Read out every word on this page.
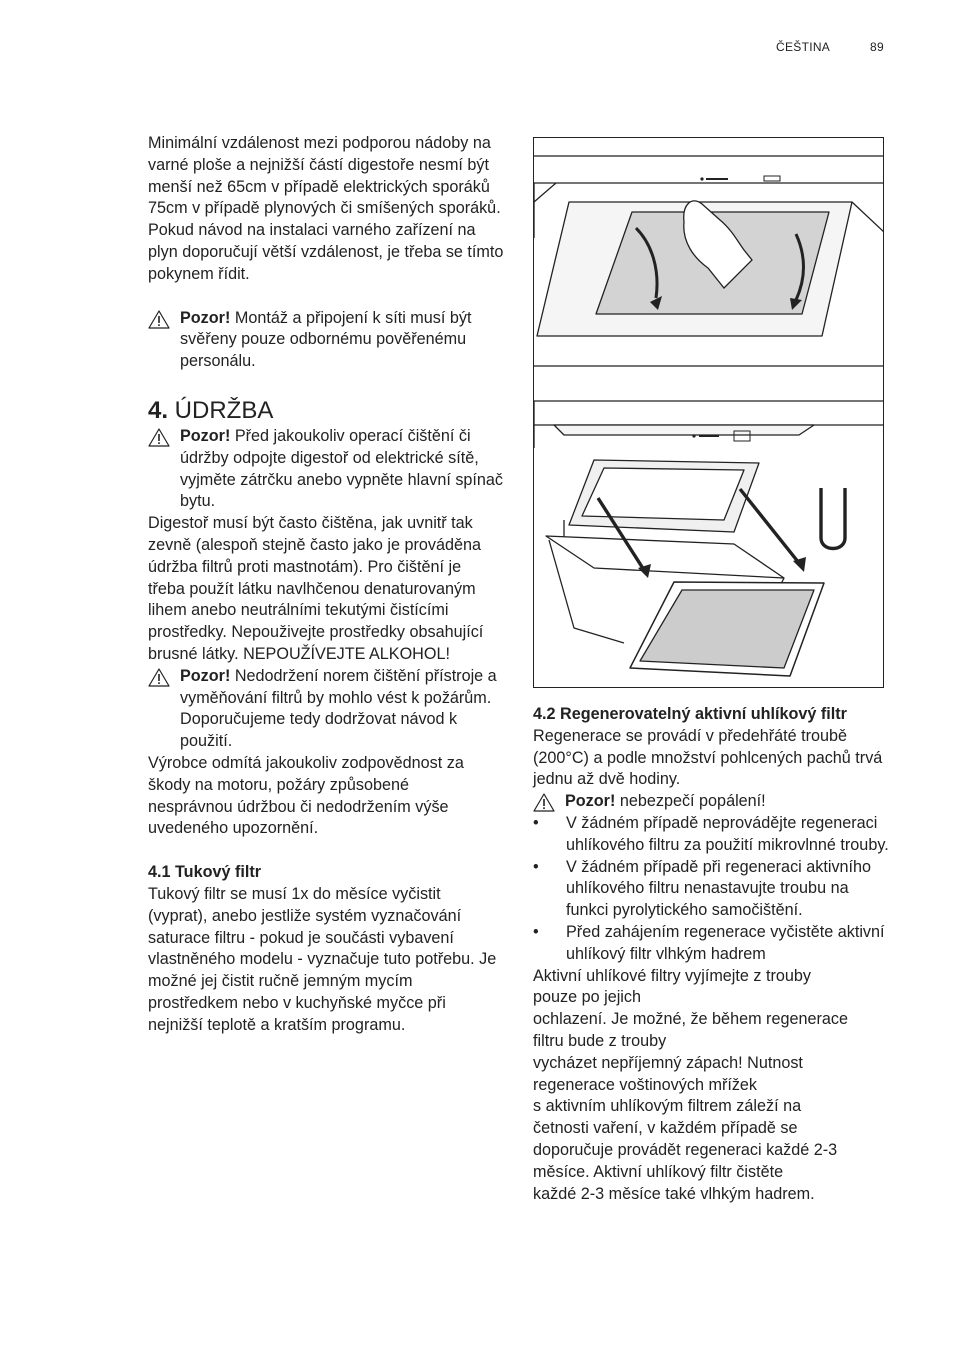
ČEŠTINA	89

Minimální vzdálenost mezi podporou nádoby na varné ploše a nejnižší částí digestoře nesmí být menší než 65cm v případě elektrických sporáků 75cm v případě plynových či smíšených sporáků. Pokud návod na instalaci varného zařízení na plyn doporučují větší vzdálenost, je třeba se tímto pokynem řídit.

Pozor! Montáž a připojení k síti musí být svěřeny pouze odbornému pověřenému personálu.

4. ÚDRŽBA

Pozor! Před jakoukoliv operací čištění či údržby odpojte digestoř od elektrické sítě, vyjměte zátrčku anebo vypněte hlavní spínač bytu.

Digestoř musí být často čištěna, jak uvnitř tak zevně (alespoň stejně často jako je prováděna údržba filtrů proti mastnotám). Pro čištění je třeba použít látku navlhčenou denaturovaným lihem anebo neutrálními tekutými čistícími prostředky. Nepouživejte prostředky obsahující brusné látky. NEPOUŽÍVEJTE ALKOHOL!

Pozor! Nedodržení norem čištění přístroje a vyměňování filtrů by mohlo vést k požárům. Doporučujeme tedy dodržovat návod k použití.

Výrobce odmítá jakoukoliv zodpovědnost za škody na motoru, požáry způsobené nesprávnou údržbou či nedodržením výše uvedeného upozornění.

4.1 Tukový filtr

Tukový filtr se musí 1x do měsíce vyčistit (vyprat), anebo jestliže systém vyznačování saturace filtru - pokud je součásti vybavení vlastněného modelu - vyznačuje tuto potřebu. Je možné jej čistit ručně jemným mycím prostředkem nebo v kuchyňské myčce při nejnižší teplotě a kratším programu.

4.2 Regenerovatelný aktivní uhlíkový filtr

Regenerace se provádí v předehřáté troubě (200°C) a podle množství pohlcených pachů trvá jednu až dvě hodiny.

Pozor! nebezpečí popálení!

• V žádném případě neprovádějte regeneraci uhlíkového filtru za použití mikrovlnné trouby.
• V žádném případě při regeneraci aktivního uhlíkového filtru nenastavujte troubu na funkci pyrolytického samočištění.
• Před zahájením regenerace vyčistěte aktivní uhlíkový filtr vlhkým hadrem

Aktivní uhlíkové filtry vyjímejte z trouby

pouze po jejich

ochlazení. Je možné, že během regenerace

filtru bude z trouby

vycházet nepříjemný zápach! Nutnost

regenerace voštinových mřížek

s aktivním uhlíkovým filtrem záleží na

četnosti vaření, v každém případě se

doporučuje provádět regeneraci každé 2-3

měsíce. Aktivní uhlíkový filtr čistěte

každé 2-3 měsíce také vlhkým hadrem.
